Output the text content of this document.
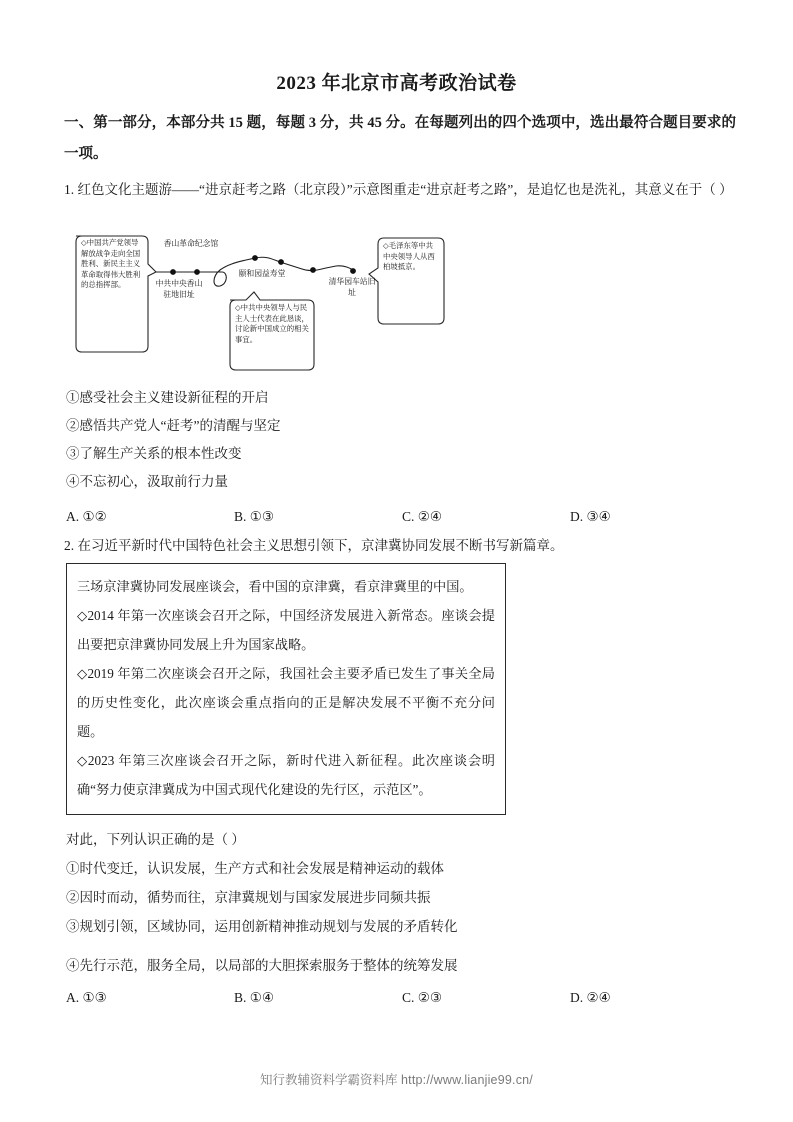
2023 年北京市高考政治试卷
一、第一部分，本部分共 15 题，每题 3 分，共 45 分。在每题列出的四个选项中，选出最符合题目要求的一项。
1. 红色文化主题游——“进京赶考之路（北京段）”示意图重走“进京赶考之路”，是追忆也是洗礼，其意义在于（ ）
◇中国共产党领导解放战争走向全国胜利、新民主主义革命取得伟大胜利的总指挥部。
◇中共中央领导人与民主人士代表在此恳谈，讨论新中国成立的相关事宜。
◇毛泽东等中共中央领导人从西柏坡抵京。
香山革命纪念馆
中共中央香山驻地旧址
颐和园益寿堂
清华园车站旧址
①感受社会主义建设新征程的开启
②感悟共产党人“赶考”的清醒与坚定
③了解生产关系的根本性改变
④不忘初心，汲取前行力量
A. ①②	B. ①③	C. ②④	D. ③④
2. 在习近平新时代中国特色社会主义思想引领下，京津冀协同发展不断书写新篇章。

三场京津冀协同发展座谈会，看中国的京津冀，看京津冀里的中国。

◇2014 年第一次座谈会召开之际，中国经济发展进入新常态。座谈会提出要把京津冀协同发展上升为国家战略。

◇2019 年第二次座谈会召开之际，我国社会主要矛盾已发生了事关全局的历史性变化，此次座谈会重点指向的正是解决发展不平衡不充分问题。

◇2023 年第三次座谈会召开之际，新时代进入新征程。此次座谈会明确“努力使京津冀成为中国式现代化建设的先行区，示范区”。

对此，下列认识正确的是（ ）
①时代变迁，认识发展，生产方式和社会发展是精神运动的载体
②因时而动，循势而往，京津冀规划与国家发展进步同频共振
③规划引领，区域协同，运用创新精神推动规划与发展的矛盾转化
④先行示范，服务全局，以局部的大胆探索服务于整体的统筹发展
A. ①③	B. ①④	C. ②③	D. ②④
知行教辅资料学霸资料库 http://www.lianjie99.cn/
